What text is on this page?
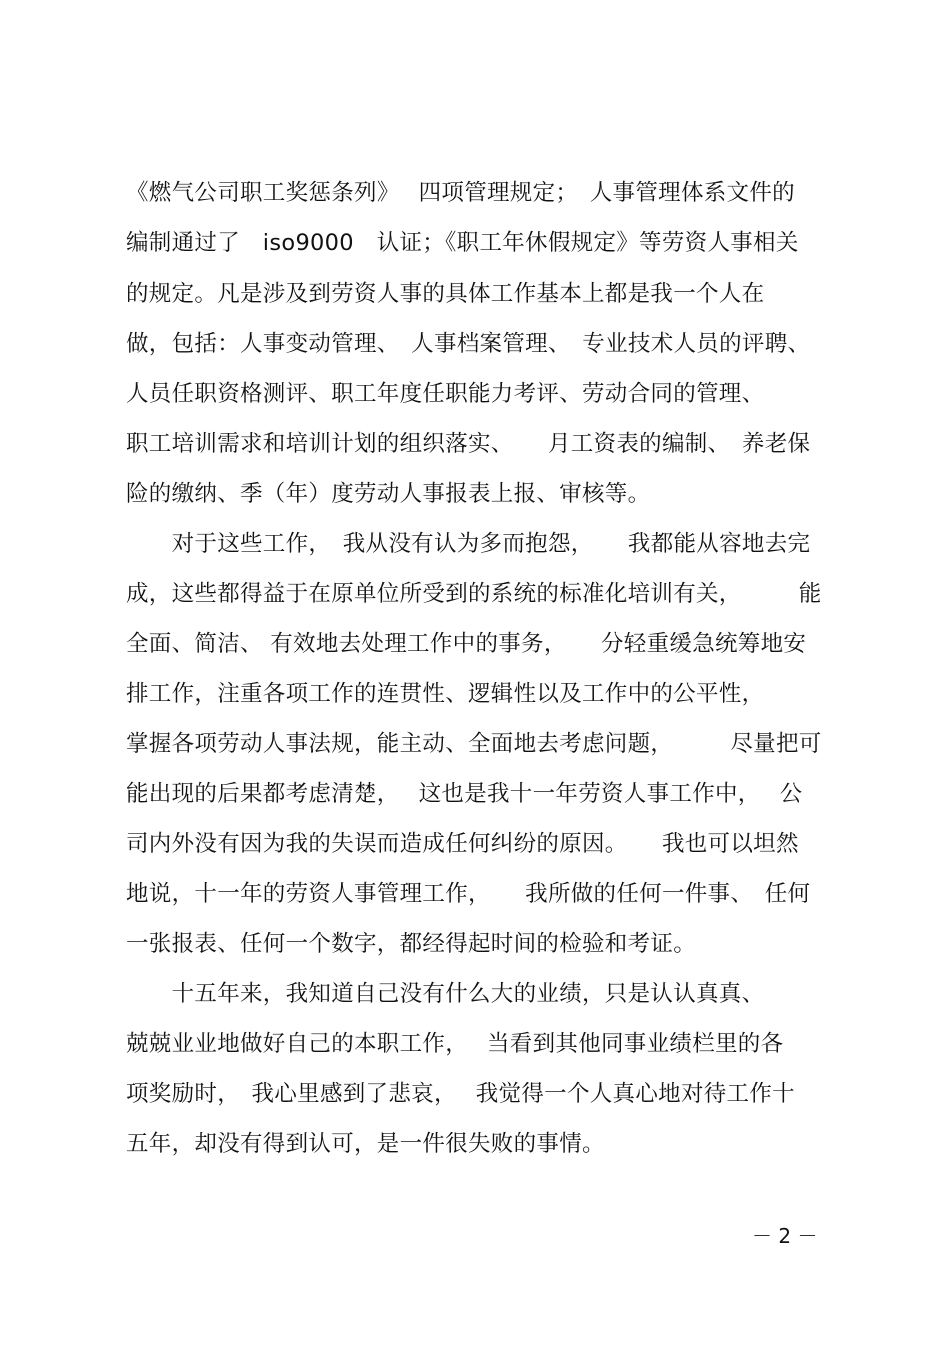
《燃气公司职工奖惩条列》　 四项管理规定；　人事管理体系文件的
编制通过了　iso9000　认证；《职工年休假规定》等劳资人事相关
的规定。凡是涉及到劳资人事的具体工作基本上都是我一个人在
做，包括：人事变动管理、　人事档案管理、　专业技术人员的评聘、
人员任职资格测评、职工年度任职能力考评、劳动合同的管理、
职工培训需求和培训计划的组织落实、　　月工资表的编制、　养老保
险的缴纳、季（年）度劳动人事报表上报、审核等。
　　对于这些工作，　我从没有认为多而抱怨，　　我都能从容地去完
成，这些都得益于在原单位所受到的系统的标准化培训有关，　　　能
全面、简洁、 有效地去处理工作中的事务，　　分轻重缓急统筹地安
排工作，注重各项工作的连贯性、逻辑性以及工作中的公平性，
掌握各项劳动人事法规，能主动、全面地去考虑问题，　　　尽量把可
能出现的后果都考虑清楚，　 这也是我十一年劳资人事工作中，　 公
司内外没有因为我的失误而造成任何纠纷的原因。　　我也可以坦然
地说，十一年的劳资人事管理工作，　　我所做的任何一件事、　任何
一张报表、任何一个数字，都经得起时间的检验和考证。
　　十五年来，我知道自己没有什么大的业绩，只是认认真真、
兢兢业业地做好自己的本职工作，　 当看到其他同事业绩栏里的各
项奖励时，　我心里感到了悲哀，　 我觉得一个人真心地对待工作十
五年，却没有得到认可，是一件很失败的事情。
－ 2 －
